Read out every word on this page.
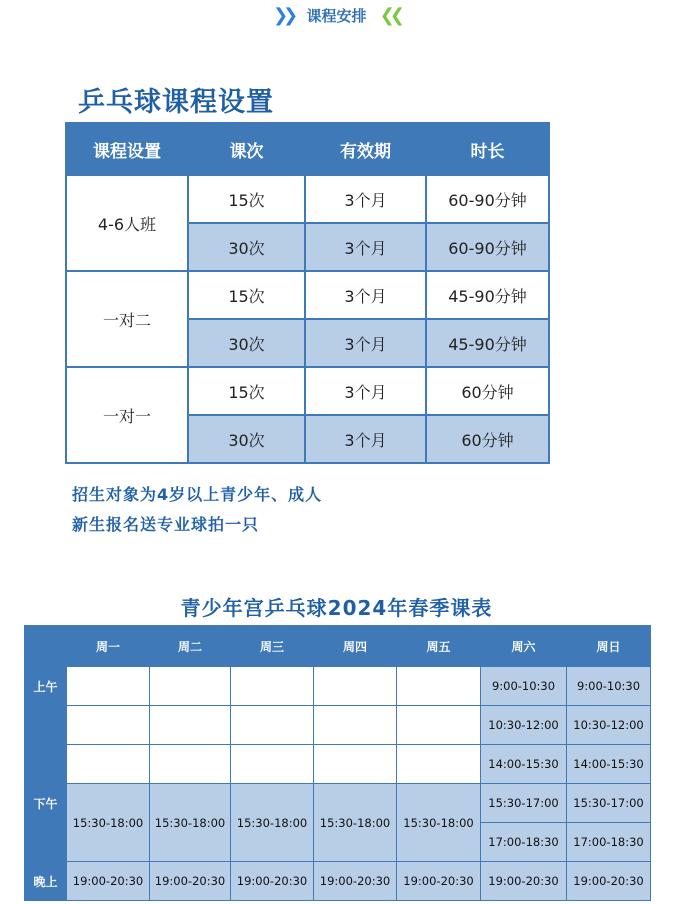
❯❯ 课程安排 ❮❮
乒乓球课程设置
课程设置	课次	有效期	时长
4-6人班	15次	3个月	60-90分钟
	30次	3个月	60-90分钟
一对二	15次	3个月	45-90分钟
	30次	3个月	45-90分钟
一对一	15次	3个月	60分钟
	30次	3个月	60分钟
招生对象为4岁以上青少年、成人
新生报名送专业球拍一只
青少年宫乒乓球2024年春季课表
	周一	周二	周三	周四	周五	周六	周日
上午						9:00-10:30	9:00-10:30
						10:30-12:00	10:30-12:00
下午						14:00-15:30	14:00-15:30
	15:30-18:00	15:30-18:00	15:30-18:00	15:30-18:00	15:30-18:00	15:30-17:00	15:30-17:00
						17:00-18:30	17:00-18:30
晚上	19:00-20:30	19:00-20:30	19:00-20:30	19:00-20:30	19:00-20:30	19:00-20:30	19:00-20:30
